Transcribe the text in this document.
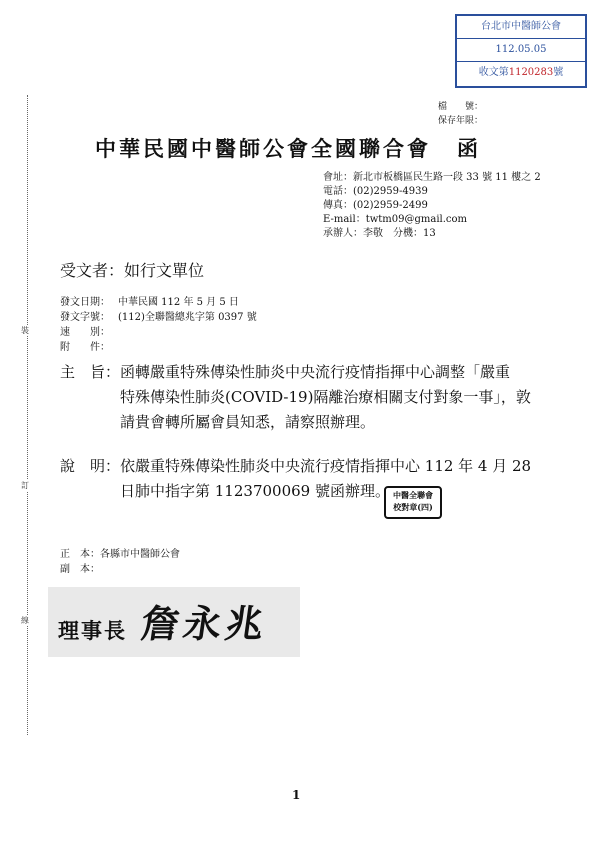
台北市中醫師公會
112.05.05
收文第1120283號
裝
訂
線
檔　　號：
保存年限：
中華民國中醫師公會全國聯合會 函
會址：新北市板橋區民生路一段 33 號 11 樓之 2
電話：(02)2959-4939
傳真：(02)2959-2499
E-mail：twtm09@gmail.com
承辦人：李敬　分機：13
受文者：如行文單位
發文日期： 中華民國 112 年 5 月 5 日
發文字號： (112)全聯醫總兆字第 0397 號
速　　別：
附　　件：
主　旨： 函轉嚴重特殊傳染性肺炎中央流行疫情指揮中心調整「嚴重
特殊傳染性肺炎(COVID-19)隔離治療相關支付對象一事」，敦
請貴會轉所屬會員知悉，請察照辦理。
說　明： 依嚴重特殊傳染性肺炎中央流行疫情指揮中心 112 年 4 月 28
日肺中指字第 1123700069 號函辦理。 中醫全聯會
校對章(四)
正　本：各縣市中醫師公會
副　本：
理事長 詹永兆
1
